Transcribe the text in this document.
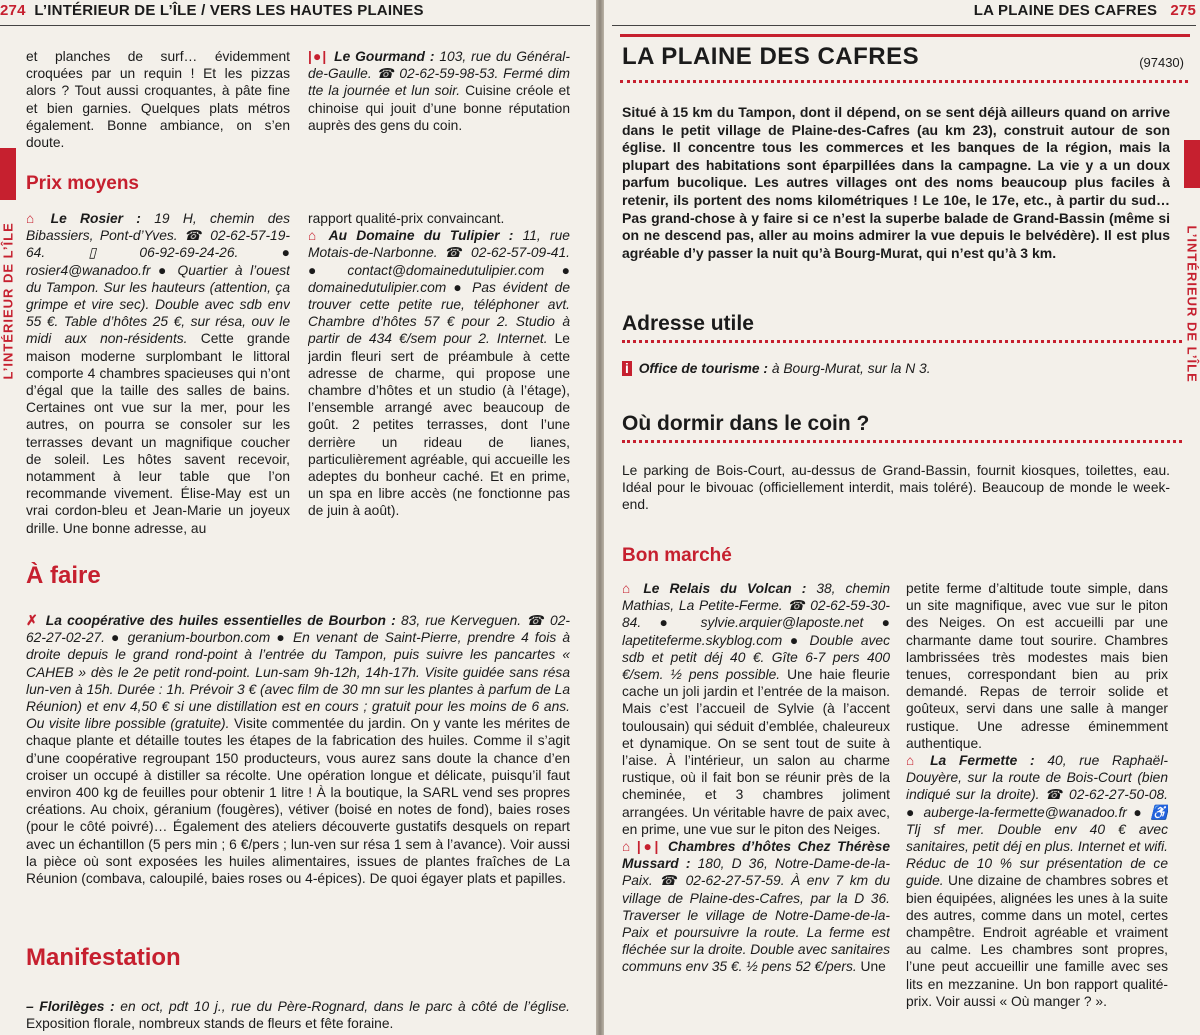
274 L’INTÉRIEUR DE L’ÎLE / VERS LES HAUTES PLAINES
L’INTÉRIEUR DE L’ÎLE

et planches de surf… évidemment croquées par un requin ! Et les pizzas alors ? Tout aussi croquantes, à pâte fine et bien garnies. Quelques plats métros également. Bonne ambiance, on s’en doute.

|●| Le Gourmand : 103, rue du Général-de-Gaulle. ☎ 02-62-59-98-53. Fermé dim tte la journée et lun soir. Cuisine créole et chinoise qui jouit d’une bonne réputation auprès des gens du coin.

Prix moyens

⌂ Le Rosier : 19 H, chemin des Bibassiers, Pont-d’Yves. ☎ 02-62-57-19-64. ▯ 06-92-69-24-26. ● rosier4@wanadoo.fr ● Quartier à l’ouest du Tampon. Sur les hauteurs (attention, ça grimpe et vire sec). Double avec sdb env 55 €. Table d’hôtes 25 €, sur résa, ouv le midi aux non-résidents. Cette grande maison moderne surplombant le littoral comporte 4 chambres spacieuses qui n’ont d’égal que la taille des salles de bains. Certaines ont vue sur la mer, pour les autres, on pourra se consoler sur les terrasses devant un magnifique coucher de soleil. Les hôtes savent recevoir, notamment à leur table que l’on recommande vivement. Élise-May est un vrai cordon-bleu et Jean-Marie un joyeux drille. Une bonne adresse, au

rapport qualité-prix convaincant.

⌂ Au Domaine du Tulipier : 11, rue Motais-de-Narbonne. ☎ 02-62-57-09-41. ● contact@domainedutulipier.com ● domainedutulipier.com ● Pas évident de trouver cette petite rue, téléphoner avt. Chambre d’hôtes 57 € pour 2. Studio à partir de 434 €/sem pour 2. Internet. Le jardin fleuri sert de préambule à cette adresse de charme, qui propose une chambre d’hôtes et un studio (à l’étage), l’ensemble arrangé avec beaucoup de goût. 2 petites terrasses, dont l’une derrière un rideau de lianes, particulièrement agréable, qui accueille les adeptes du bonheur caché. Et en prime, un spa en libre accès (ne fonctionne pas de juin à août).

À faire

✗ La coopérative des huiles essentielles de Bourbon : 83, rue Kerveguen. ☎ 02-62-27-02-27. ● geranium-bourbon.com ● En venant de Saint-Pierre, prendre 4 fois à droite depuis le grand rond-point à l’entrée du Tampon, puis suivre les pancartes « CAHEB » dès le 2e petit rond-point. Lun-sam 9h-12h, 14h-17h. Visite guidée sans résa lun-ven à 15h. Durée : 1h. Prévoir 3 € (avec film de 30 mn sur les plantes à parfum de La Réunion) et env 4,50 € si une distillation est en cours ; gratuit pour les moins de 6 ans. Ou visite libre possible (gratuite). Visite commentée du jardin. On y vante les mérites de chaque plante et détaille toutes les étapes de la fabrication des huiles. Comme il s’agit d’une coopérative regroupant 150 producteurs, vous aurez sans doute la chance d’en croiser un occupé à distiller sa récolte. Une opération longue et délicate, puisqu’il faut environ 400 kg de feuilles pour obtenir 1 litre ! À la boutique, la SARL vend ses propres créations. Au choix, géranium (fougères), vétiver (boisé en notes de fond), baies roses (pour le côté poivré)… Également des ateliers découverte gustatifs desquels on repart avec un échantillon (5 pers min ; 6 €/pers ; lun-ven sur résa 1 sem à l’avance). Voir aussi la pièce où sont exposées les huiles alimentaires, issues de plantes fraîches de La Réunion (combava, caloupilé, baies roses ou 4-épices). De quoi égayer plats et papilles.

Manifestation

– Florilèges : en oct, pdt 10 j., rue du Père-Rognard, dans le parc à côté de l’église. Exposition florale, nombreux stands de fleurs et fête foraine.

LA PLAINE DES CAFRES 275
L’INTÉRIEUR DE L’ÎLE
LA PLAINE DES CAFRES	(97430)

Situé à 15 km du Tampon, dont il dépend, on se sent déjà ailleurs quand on arrive dans le petit village de Plaine-des-Cafres (au km 23), construit autour de son église. Il concentre tous les commerces et les banques de la région, mais la plupart des habitations sont éparpillées dans la campagne. La vie y a un doux parfum bucolique. Les autres villages ont des noms beaucoup plus faciles à retenir, ils portent des noms kilométriques ! Le 10e, le 17e, etc., à partir du sud… Pas grand-chose à y faire si ce n’est la superbe balade de Grand-Bassin (même si on ne descend pas, aller au moins admirer la vue depuis le belvédère). Il est plus agréable d’y passer la nuit qu’à Bourg-Murat, qui n’est qu’à 3 km.

Adresse utile

i Office de tourisme : à Bourg-Murat, sur la N 3.

Où dormir dans le coin ?

Le parking de Bois-Court, au-dessus de Grand-Bassin, fournit kiosques, toilettes, eau. Idéal pour le bivouac (officiellement interdit, mais toléré). Beaucoup de monde le week-end.

Bon marché

⌂ Le Relais du Volcan : 38, chemin Mathias, La Petite-Ferme. ☎ 02-62-59-30-84. ● sylvie.arquier@laposte.net ● lapetiteferme.skyblog.com ● Double avec sdb et petit déj 40 €. Gîte 6-7 pers 400 €/sem. ½ pens possible. Une haie fleurie cache un joli jardin et l’entrée de la maison. Mais c’est l’accueil de Sylvie (à l’accent toulousain) qui séduit d’emblée, chaleureux et dynamique. On se sent tout de suite à l’aise. À l’intérieur, un salon au charme rustique, où il fait bon se réunir près de la cheminée, et 3 chambres joliment arrangées. Un véritable havre de paix avec, en prime, une vue sur le piton des Neiges.

⌂ |●| Chambres d’hôtes Chez Thérèse Mussard : 180, D 36, Notre-Dame-de-la-Paix. ☎ 02-62-27-57-59. À env 7 km du village de Plaine-des-Cafres, par la D 36. Traverser le village de Notre-Dame-de-la-Paix et poursuivre la route. La ferme est fléchée sur la droite. Double avec sanitaires communs env 35 €. ½ pens 52 €/pers. Une

petite ferme d’altitude toute simple, dans un site magnifique, avec vue sur le piton des Neiges. On est accueilli par une charmante dame tout sourire. Chambres lambrissées très modestes mais bien tenues, correspondant bien au prix demandé. Repas de terroir solide et goûteux, servi dans une salle à manger rustique. Une adresse éminemment authentique.

⌂ La Fermette : 40, rue Raphaël-Douyère, sur la route de Bois-Court (bien indiqué sur la droite). ☎ 02-62-27-50-08. ● auberge-la-fermette@wanadoo.fr ● ♿ Tlj sf mer. Double env 40 € avec sanitaires, petit déj en plus. Internet et wifi. Réduc de 10 % sur présentation de ce guide. Une dizaine de chambres sobres et bien équipées, alignées les unes à la suite des autres, comme dans un motel, certes champêtre. Endroit agréable et vraiment au calme. Les chambres sont propres, l’une peut accueillir une famille avec ses lits en mezzanine. Un bon rapport qualité-prix. Voir aussi « Où manger ? ».
